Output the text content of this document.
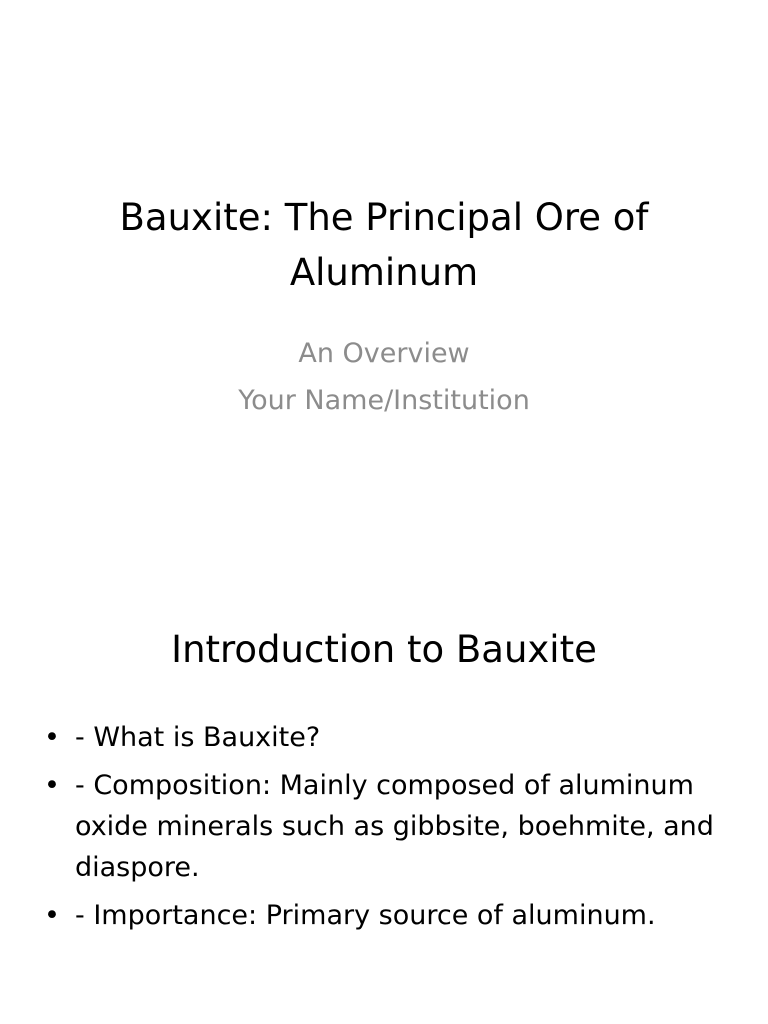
Bauxite: The Principal Ore of Aluminum
An Overview
Your Name/Institution
Introduction to Bauxite
• - What is Bauxite?
• - Composition: Mainly composed of aluminum oxide minerals such as gibbsite, boehmite, and diaspore.
• - Importance: Primary source of aluminum.
